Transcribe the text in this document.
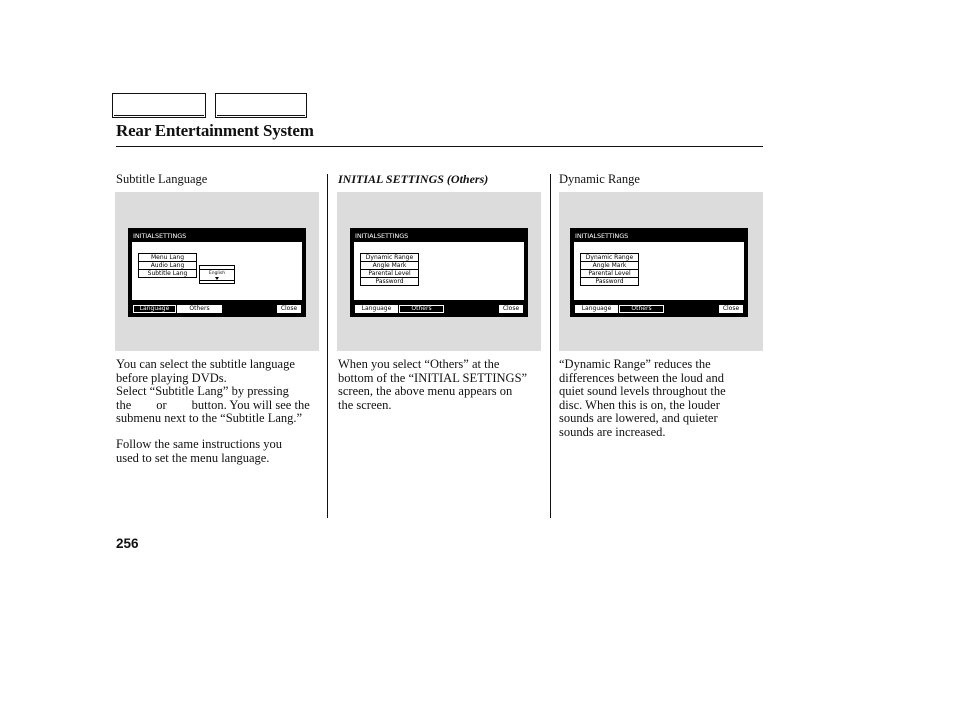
Rear Entertainment System
Subtitle Language
INITIALSETTINGS
Menu Lang
Audio Lang
Subtitle Lang	English
Language	Others	Close
You can select the subtitle language
before playing DVDs.
Select “Subtitle Lang” by pressing
the        or        button. You will see the
submenu next to the “Subtitle Lang.”
Follow the same instructions you
used to set the menu language.
INITIAL SETTINGS (Others)
INITIALSETTINGS
Dynamic Range
Angle Mark
Parental Level
Password
Language	Others	Close
When you select “Others” at the
bottom of the “INITIAL SETTINGS”
screen, the above menu appears on
the screen.
Dynamic Range
INITIALSETTINGS
Dynamic Range
Angle Mark
Parental Level
Password
Language	Others	Close
“Dynamic Range” reduces the
differences between the loud and
quiet sound levels throughout the
disc. When this is on, the louder
sounds are lowered, and quieter
sounds are increased.
256
